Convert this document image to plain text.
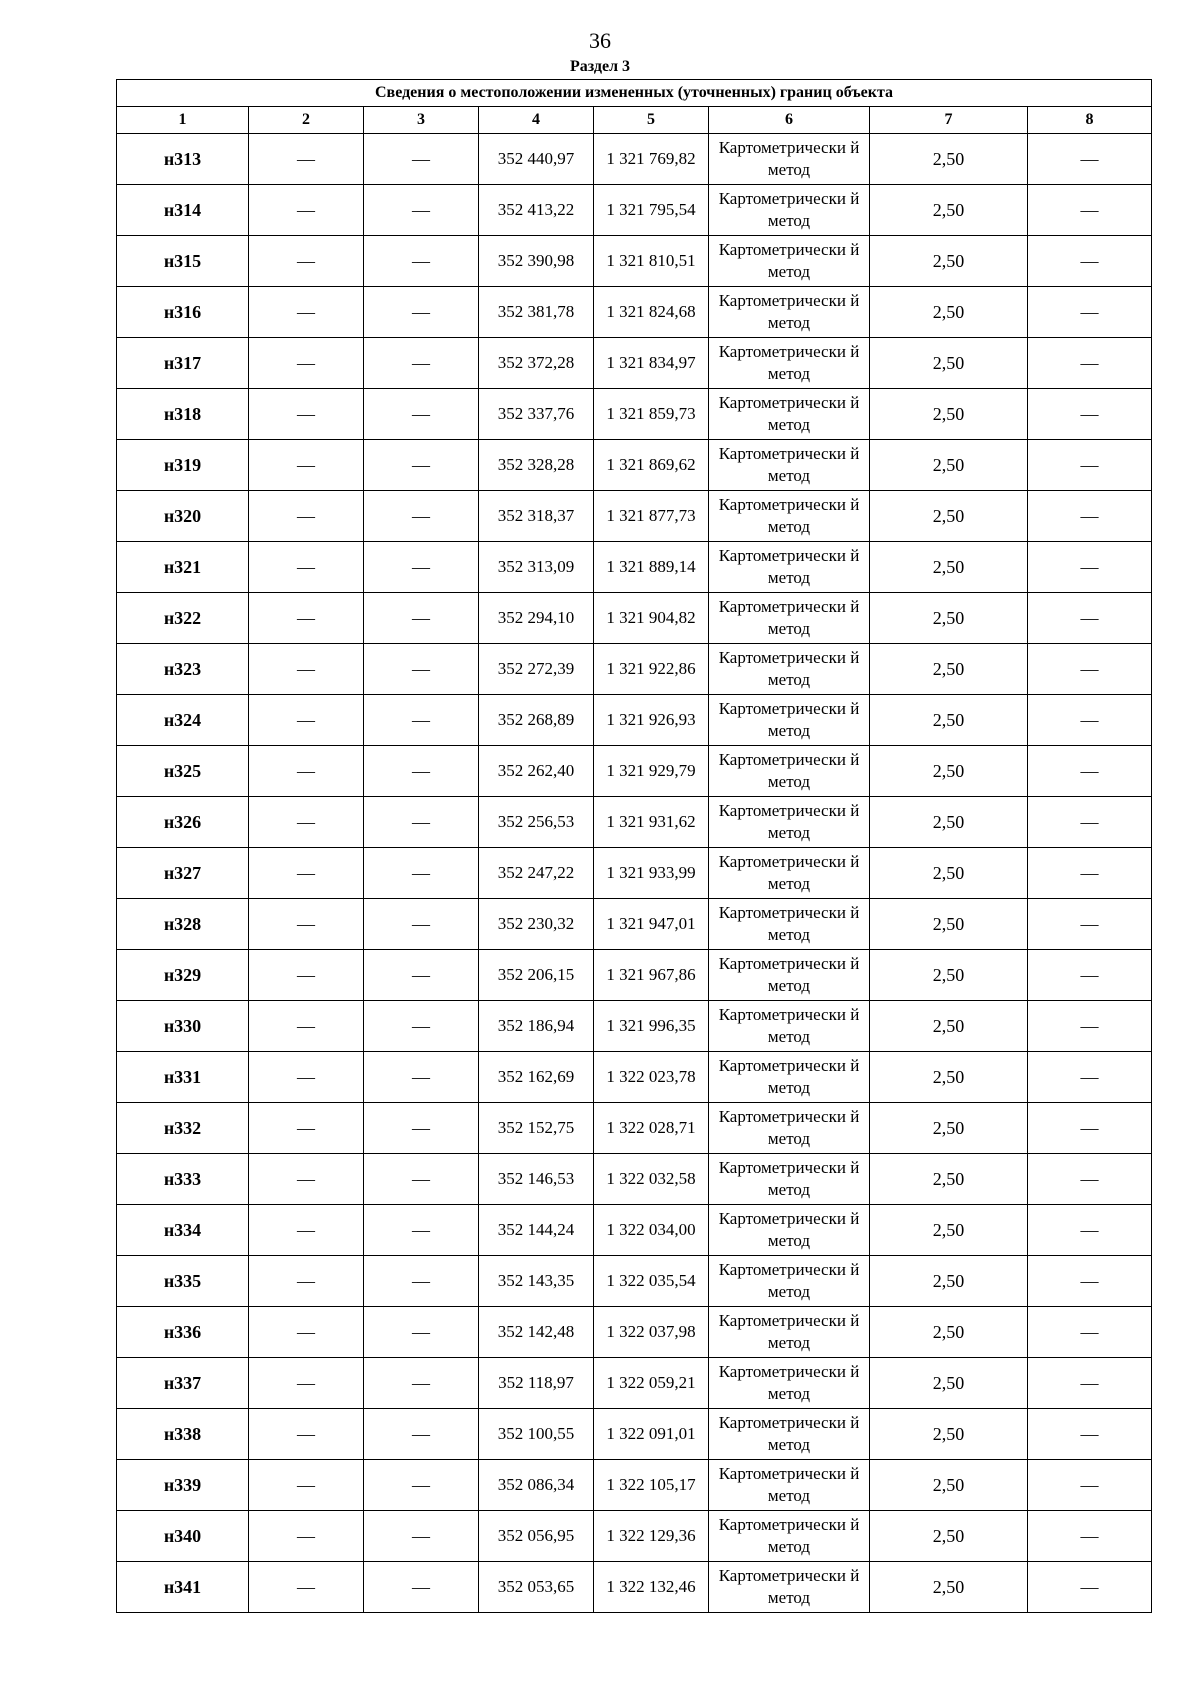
36
Раздел 3
Сведения о местоположении измененных (уточненных) границ объекта							
1	2	3	4	5	6	7	8
н313	—	—	352 440,97	1 321 769,82	Картометрически й метод	2,50	—
н314	—	—	352 413,22	1 321 795,54	Картометрически й метод	2,50	—
н315	—	—	352 390,98	1 321 810,51	Картометрически й метод	2,50	—
н316	—	—	352 381,78	1 321 824,68	Картометрически й метод	2,50	—
н317	—	—	352 372,28	1 321 834,97	Картометрически й метод	2,50	—
н318	—	—	352 337,76	1 321 859,73	Картометрически й метод	2,50	—
н319	—	—	352 328,28	1 321 869,62	Картометрически й метод	2,50	—
н320	—	—	352 318,37	1 321 877,73	Картометрически й метод	2,50	—
н321	—	—	352 313,09	1 321 889,14	Картометрически й метод	2,50	—
н322	—	—	352 294,10	1 321 904,82	Картометрически й метод	2,50	—
н323	—	—	352 272,39	1 321 922,86	Картометрически й метод	2,50	—
н324	—	—	352 268,89	1 321 926,93	Картометрически й метод	2,50	—
н325	—	—	352 262,40	1 321 929,79	Картометрически й метод	2,50	—
н326	—	—	352 256,53	1 321 931,62	Картометрически й метод	2,50	—
н327	—	—	352 247,22	1 321 933,99	Картометрически й метод	2,50	—
н328	—	—	352 230,32	1 321 947,01	Картометрически й метод	2,50	—
н329	—	—	352 206,15	1 321 967,86	Картометрически й метод	2,50	—
н330	—	—	352 186,94	1 321 996,35	Картометрически й метод	2,50	—
н331	—	—	352 162,69	1 322 023,78	Картометрически й метод	2,50	—
н332	—	—	352 152,75	1 322 028,71	Картометрически й метод	2,50	—
н333	—	—	352 146,53	1 322 032,58	Картометрически й метод	2,50	—
н334	—	—	352 144,24	1 322 034,00	Картометрически й метод	2,50	—
н335	—	—	352 143,35	1 322 035,54	Картометрически й метод	2,50	—
н336	—	—	352 142,48	1 322 037,98	Картометрически й метод	2,50	—
н337	—	—	352 118,97	1 322 059,21	Картометрически й метод	2,50	—
н338	—	—	352 100,55	1 322 091,01	Картометрически й метод	2,50	—
н339	—	—	352 086,34	1 322 105,17	Картометрически й метод	2,50	—
н340	—	—	352 056,95	1 322 129,36	Картометрически й метод	2,50	—
н341	—	—	352 053,65	1 322 132,46	Картометрически й метод	2,50	—
